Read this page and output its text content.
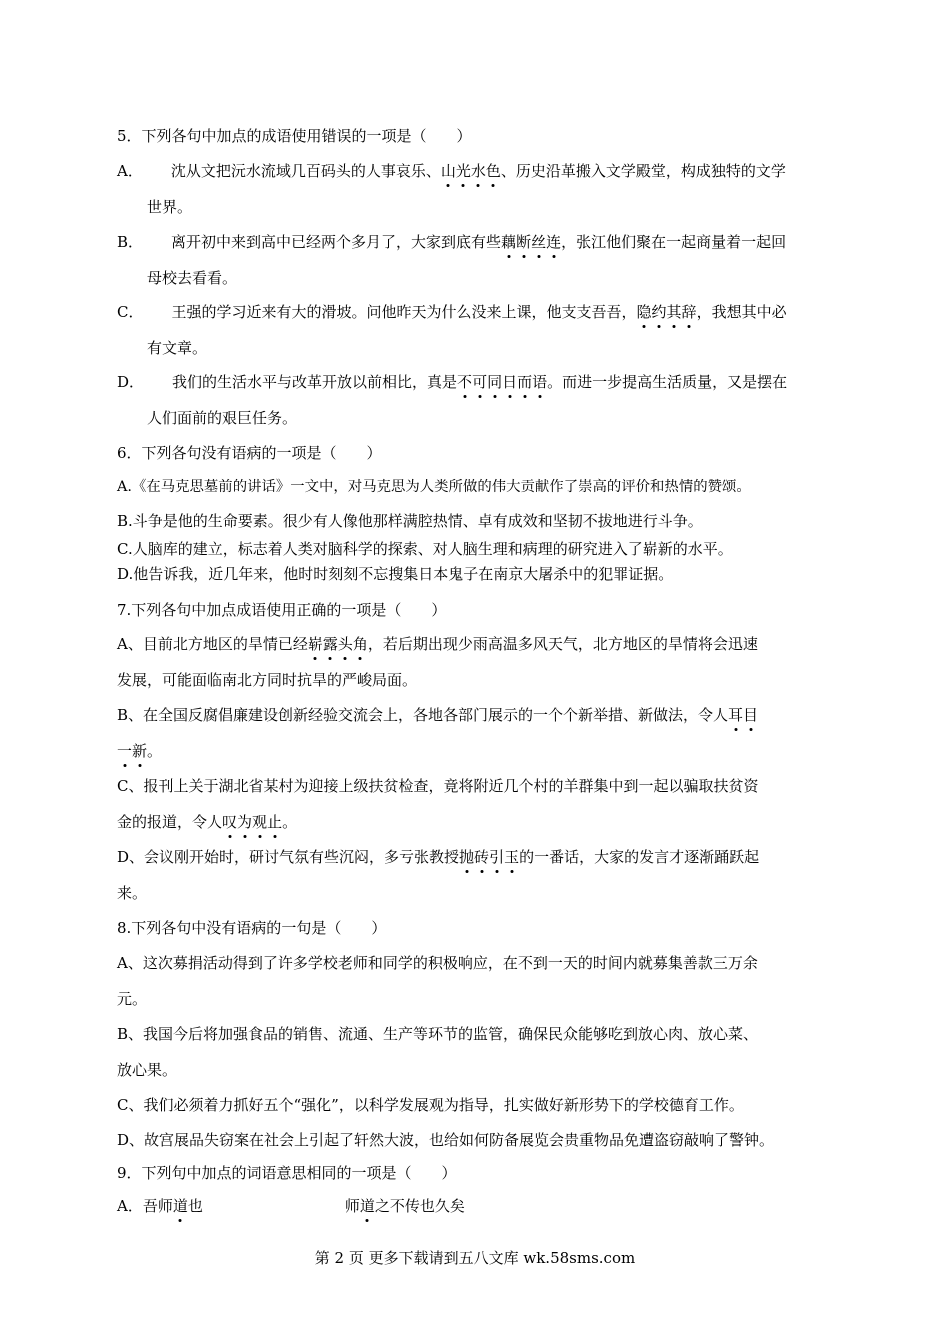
5．下列各句中加点的成语使用错误的一项是（　　）
A． 沈从文把沅水流域几百码头的人事哀乐、山光水色、历史沿革搬入文学殿堂，构成独特的文学
世界。
B． 离开初中来到高中已经两个多月了，大家到底有些藕断丝连，张江他们聚在一起商量着一起回
母校去看看。
C． 王强的学习近来有大的滑坡。问他昨天为什么没来上课，他支支吾吾，隐约其辞，我想其中必
有文章。
D． 我们的生活水平与改革开放以前相比，真是不可同日而语。而进一步提高生活质量，又是摆在
人们面前的艰巨任务。
6．下列各句没有语病的一项是（　　）
A.《在马克思墓前的讲话》一文中，对马克思为人类所做的伟大贡献作了崇高的评价和热情的赞颂。
B.斗争是他的生命要素。很少有人像他那样满腔热情、卓有成效和坚韧不拔地进行斗争。
C.人脑库的建立，标志着人类对脑科学的探索、对人脑生理和病理的研究进入了崭新的水平。
D.他告诉我，近几年来，他时时刻刻不忘搜集日本鬼子在南京大屠杀中的犯罪证据。
7.下列各句中加点成语使用正确的一项是（　　）
A、目前北方地区的旱情已经崭露头角，若后期出现少雨高温多风天气，北方地区的旱情将会迅速
发展，可能面临南北方同时抗旱的严峻局面。
B、在全国反腐倡廉建设创新经验交流会上，各地各部门展示的一个个新举措、新做法，令人耳目
一新。
C、报刊上关于湖北省某村为迎接上级扶贫检查，竟将附近几个村的羊群集中到一起以骗取扶贫资
金的报道，令人叹为观止。
D、会议刚开始时，研讨气氛有些沉闷，多亏张教授抛砖引玉的一番话，大家的发言才逐渐踊跃起
来。
8.下列各句中没有语病的一句是（　　）
A、这次募捐活动得到了许多学校老师和同学的积极响应，在不到一天的时间内就募集善款三万余
元。
B、我国今后将加强食品的销售、流通、生产等环节的监管，确保民众能够吃到放心肉、放心菜、
放心果。
C、我们必须着力抓好五个“强化”，以科学发展观为指导，扎实做好新形势下的学校德育工作。
D、故宫展品失窃案在社会上引起了轩然大波，也给如何防备展览会贵重物品免遭盗窃敲响了警钟。
9．下列句中加点的词语意思相同的一项是（　　）
A．吾师道也	师道之不传也久矣
第 2 页 更多下载请到五八文库 wk.58sms.com
